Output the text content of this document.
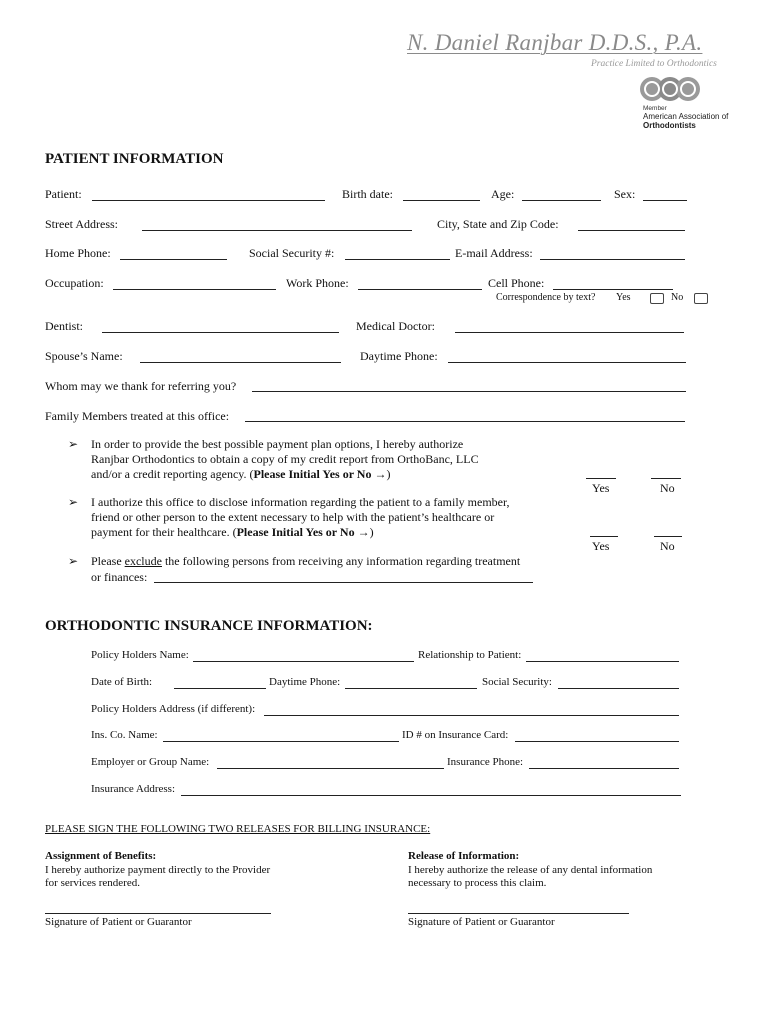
N. Daniel Ranjbar D.D.S., P.A.
Practice Limited to Orthodontics
Member
American Association of
Orthodontists
PATIENT INFORMATION
Patient:	Birth date:	Age:	Sex:
Street Address:	City, State and Zip Code:
Home Phone:	Social Security #:	E-mail Address:
Occupation:	Work Phone:	Cell Phone:
Correspondence by text? Yes	No
Dentist:	Medical Doctor:
Spouse’s Name:	Daytime Phone:
Whom may we thank for referring you?
Family Members treated at this office:
➢ In order to provide the best possible payment plan options, I hereby authorize
Ranjbar Orthodontics to obtain a copy of my credit report from OrthoBanc, LLC
and/or a credit reporting agency. (Please Initial Yes or No →)
Yes	No
➢ I authorize this office to disclose information regarding the patient to a family member,
friend or other person to the extent necessary to help with the patient’s healthcare or
payment for their healthcare. (Please Initial Yes or No →)
Yes	No
➢ Please exclude the following persons from receiving any information regarding treatment
or finances:
ORTHODONTIC INSURANCE INFORMATION:
Policy Holders Name:	Relationship to Patient:
Date of Birth:	Daytime Phone:	Social Security:
Policy Holders Address (if different):
Ins. Co. Name:	ID # on Insurance Card:
Employer or Group Name:	Insurance Phone:
Insurance Address:
PLEASE SIGN THE FOLLOWING TWO RELEASES FOR BILLING INSURANCE:
Assignment of Benefits:
I hereby authorize payment directly to the Provider
for services rendered.
Release of Information:
I hereby authorize the release of any dental information
necessary to process this claim.
Signature of Patient or Guarantor	Signature of Patient or Guarantor
